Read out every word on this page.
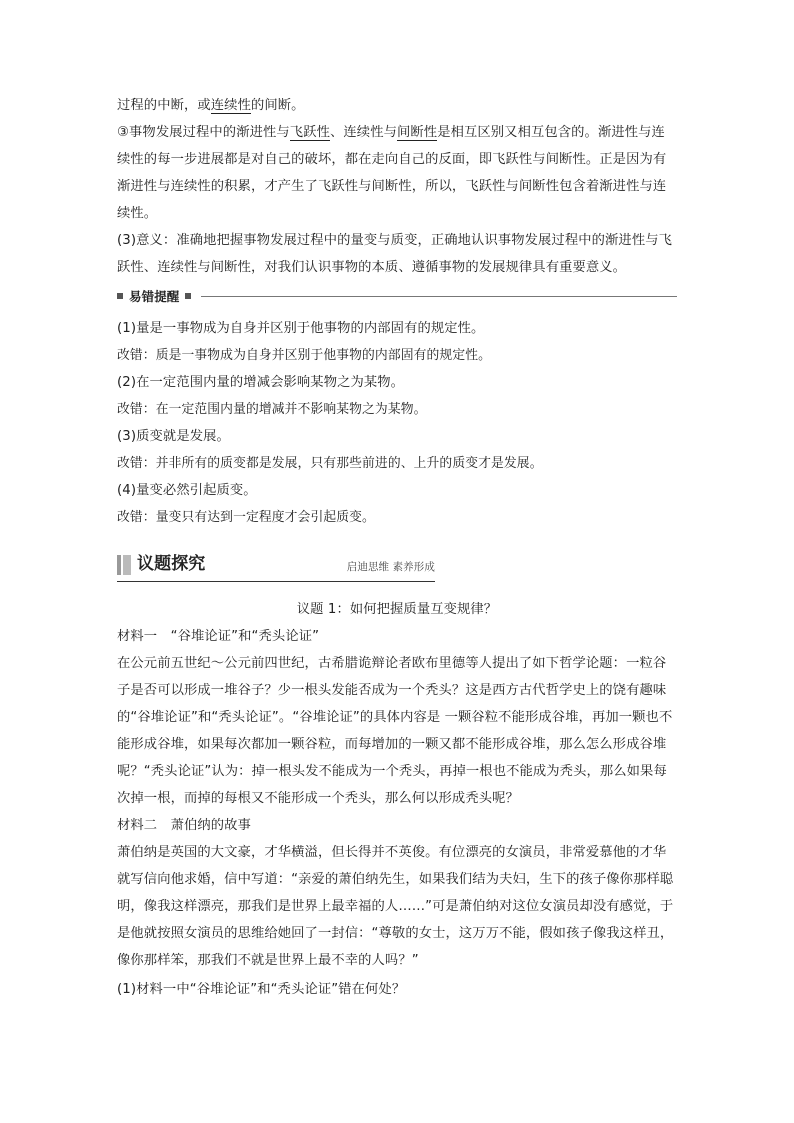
过程的中断，或连续性的间断。

③事物发展过程中的渐进性与飞跃性、连续性与间断性是相互区别又相互包含的。渐进性与连续性的每一步进展都是对自己的破坏，都在走向自己的反面，即飞跃性与间断性。正是因为有渐进性与连续性的积累，才产生了飞跃性与间断性，所以，飞跃性与间断性包含着渐进性与连续性。

(3)意义：准确地把握事物发展过程中的量变与质变，正确地认识事物发展过程中的渐进性与飞跃性、连续性与间断性，对我们认识事物的本质、遵循事物的发展规律具有重要意义。

易错提醒

(1)量是一事物成为自身并区别于他事物的内部固有的规定性。

改错：质是一事物成为自身并区别于他事物的内部固有的规定性。

(2)在一定范围内量的增减会影响某物之为某物。

改错：在一定范围内量的增减并不影响某物之为某物。

(3)质变就是发展。

改错：并非所有的质变都是发展，只有那些前进的、上升的质变才是发展。

(4)量变必然引起质变。

改错：量变只有达到一定程度才会引起质变。

议题探究	启迪思维 素养形成

议题 1：如何把握质量互变规律？

材料一　“谷堆论证”和“秃头论证”

在公元前五世纪～公元前四世纪，古希腊诡辩论者欧布里德等人提出了如下哲学论题：一粒谷子是否可以形成一堆谷子？少一根头发能否成为一个秃头？这是西方古代哲学史上的饶有趣味的“谷堆论证”和“秃头论证”。“谷堆论证”的具体内容是 一颗谷粒不能形成谷堆，再加一颗也不能形成谷堆，如果每次都加一颗谷粒，而每增加的一颗又都不能形成谷堆，那么怎么形成谷堆呢？“秃头论证”认为：掉一根头发不能成为一个秃头，再掉一根也不能成为秃头，那么如果每次掉一根，而掉的每根又不能形成一个秃头，那么何以形成秃头呢？

材料二　萧伯纳的故事

萧伯纳是英国的大文豪，才华横溢，但长得并不英俊。有位漂亮的女演员，非常爱慕他的才华就写信向他求婚，信中写道：“亲爱的萧伯纳先生，如果我们结为夫妇，生下的孩子像你那样聪明，像我这样漂亮，那我们是世界上最幸福的人……”可是萧伯纳对这位女演员却没有感觉，于是他就按照女演员的思维给她回了一封信：“尊敬的女士，这万万不能，假如孩子像我这样丑，像你那样笨，那我们不就是世界上最不幸的人吗？”

(1)材料一中“谷堆论证”和“秃头论证”错在何处？
